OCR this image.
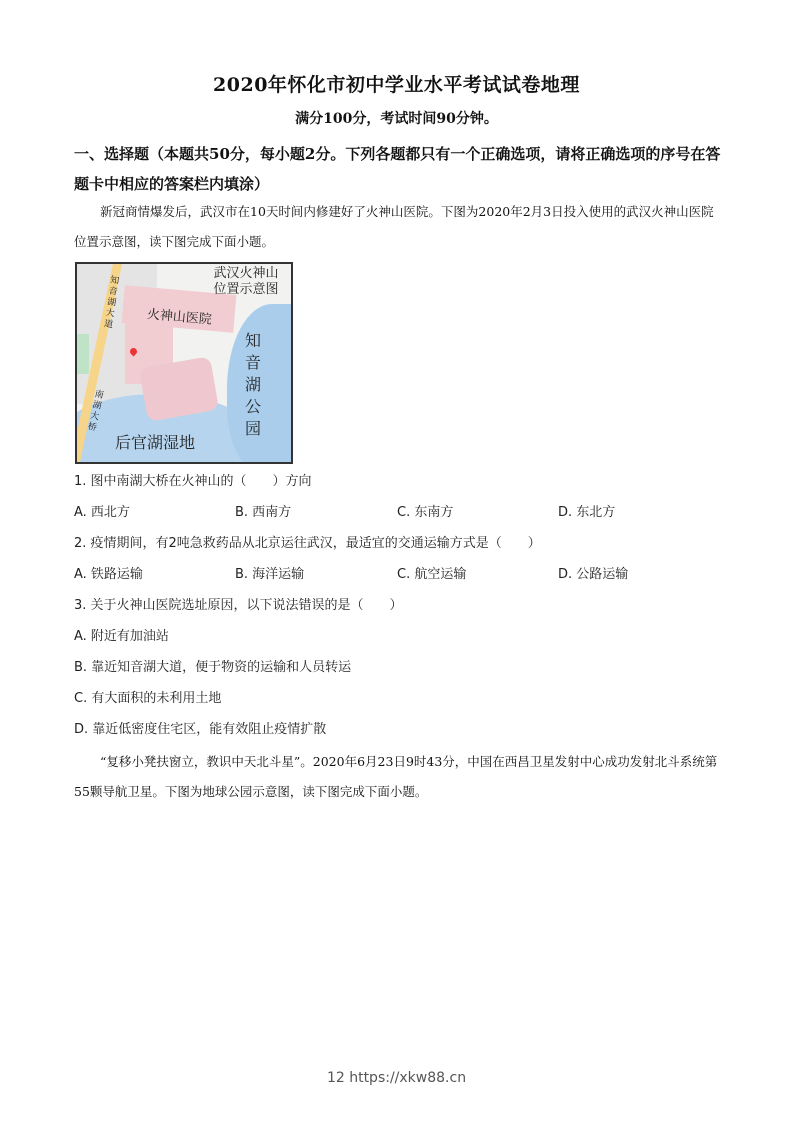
2020年怀化市初中学业水平考试试卷地理
满分100分，考试时间90分钟。
一、选择题（本题共50分，每小题2分。下列各题都只有一个正确选项，请将正确选项的序号在答题卡中相应的答案栏内填涂）
新冠商情爆发后，武汉市在10天时间内修建好了火神山医院。下图为2020年2月3日投入使用的武汉火神山医院位置示意图，读下图完成下面小题。
武汉火神山
位置示意图
火神山医院
知音湖公园
后官湖湿地
知音湖大道
南湖大桥
1. 图中南湖大桥在火神山的（　　）方向
A. 西北方	B. 西南方	C. 东南方	D. 东北方
2. 疫情期间，有2吨急救药品从北京运往武汉，最适宜的交通运输方式是（　　）
A. 铁路运输	B. 海洋运输	C. 航空运输	D. 公路运输
3. 关于火神山医院选址原因，以下说法错误的是（　　）
A. 附近有加油站
B. 靠近知音湖大道，便于物资的运输和人员转运
C. 有大面积的未利用土地
D. 靠近低密度住宅区，能有效阻止疫情扩散
“复移小凳扶窗立，教识中天北斗星”。2020年6月23日9时43分，中国在西昌卫星发射中心成功发射北斗系统第55颗导航卫星。下图为地球公园示意图，读下图完成下面小题。
12 https://xkw88.cn
